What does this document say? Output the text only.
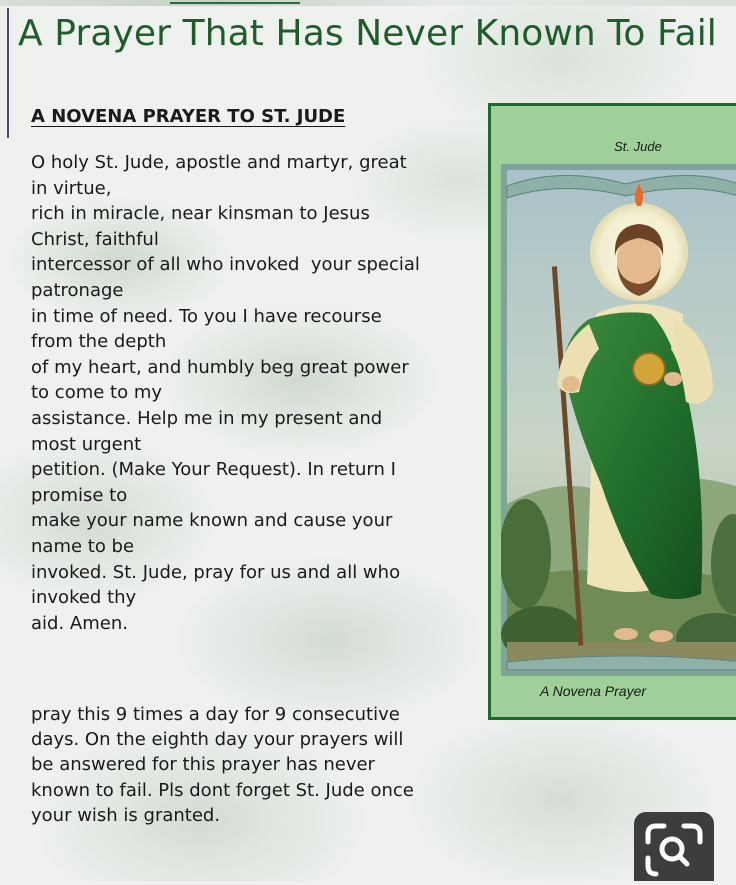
A Prayer That Has Never Known To Fail
A NOVENA PRAYER TO ST. JUDE

O holy St. Jude, apostle and martyr, great
in virtue,
rich in miracle, near kinsman to Jesus
Christ, faithful
intercessor of all who invoked  your special
patronage
in time of need. To you I have recourse
from the depth
of my heart, and humbly beg great power
to come to my
assistance. Help me in my present and
most urgent
petition. (Make Your Request). In return I
promise to
make your name known and cause your
name to be
invoked. St. Jude, pray for us and all who
invoked thy
aid. Amen.

pray this 9 times a day for 9 consecutive
days. On the eighth day your prayers will
be answered for this prayer has never
known to fail. Pls dont forget St. Jude once
your wish is granted.

St. Jude
A Novena Prayer
